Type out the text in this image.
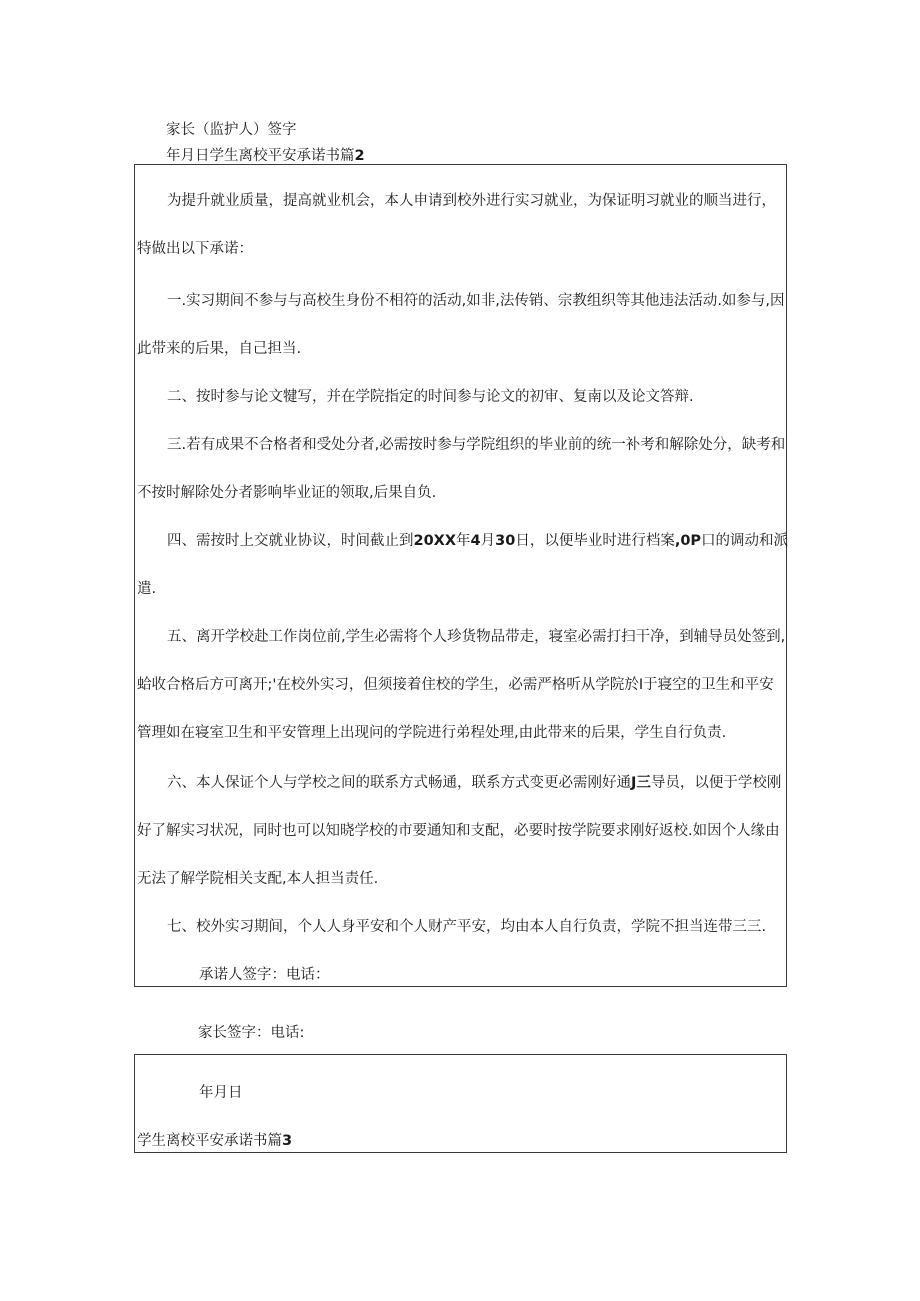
家长（监护人）签字
年月日学生离校平安承诺书篇2
为提升就业质量，提高就业机会，本人申请到校外进行实习就业，为保证明习就业的顺当进行，
特做出以下承诺：
一.实习期间不参与与高校生身份不相符的活动,如非,法传销、宗教组织等其他违法活动.如参与,因
此带来的后果，自己担当.
二、按时参与论文犍写，并在学院指定的时间参与论文的初审、复南以及论文答辩.
三.若有成果不合格者和受处分者,必需按时参与学院组织的毕业前的统一补考和解除处分，缺考和
不按时解除处分者影响毕业证的领取,后果自负.
四、需按时上交就业协议，时间截止到20XX年4月30日，以便毕业时进行档案,0P口的调动和派
遣.
五、离开学校赴工作岗位前,学生必需将个人珍货物品带走，寝室必需打扫干净，到辅导员处签到,
蛤收合格后方可离开;'在校外实习，但须接着住校的学生，必需严格听从学院於I于寝空的卫生和平安
管理如在寝室卫生和平安管理上出现问的学院进行弟程处理,由此带来的后果，学生自行负责.
六、本人保证个人与学校之间的联系方式畅通，联系方式变更必需刚好通J三导员，以便于学校刚
好了解实习状况，同时也可以知晓学校的市要通知和支配，必要时按学院要求刚好返校.如因个人缘由
无法了解学院相关支配,本人担当责任.
七、校外实习期间，个人人身平安和个人财产平安，均由本人自行负责，学院不担当连带三三.
承诺人签字：电话：
家长签字：电话:
年月日
学生离校平安承诺书篇3
